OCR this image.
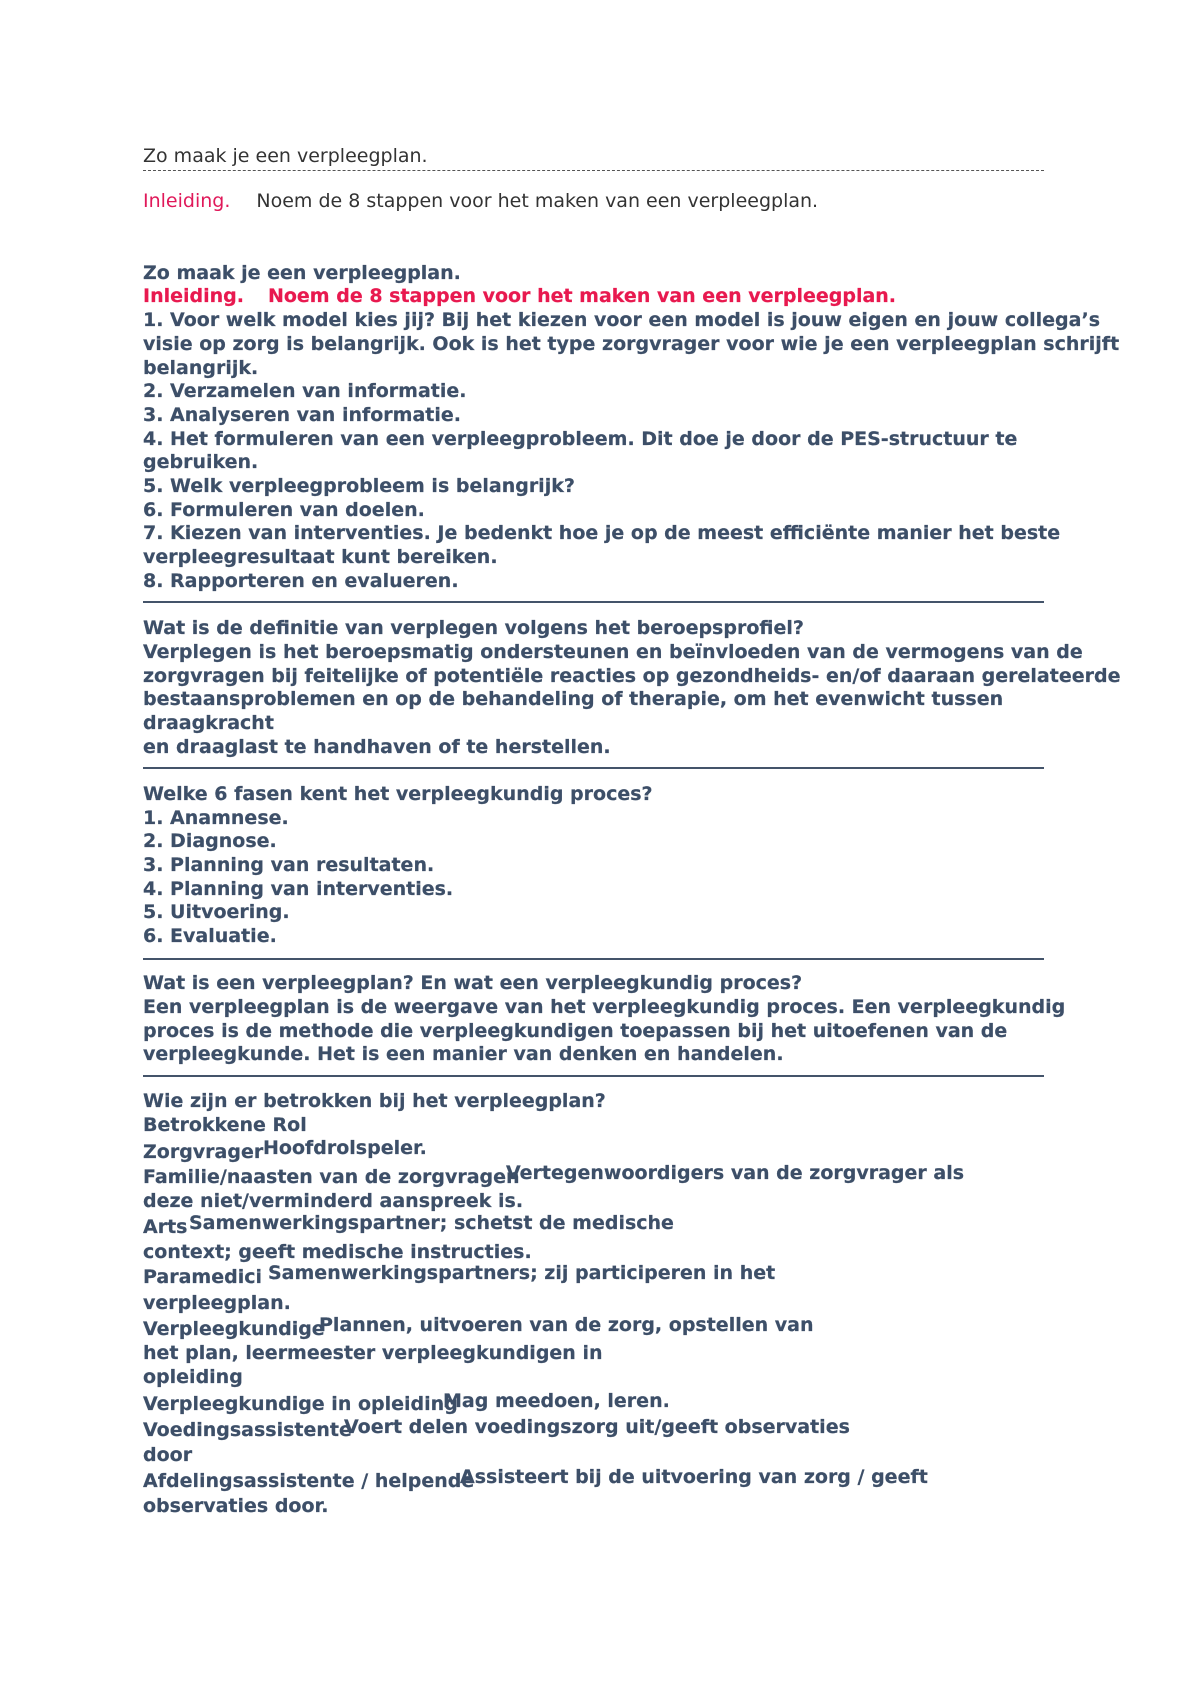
Zo maak je een verpleegplan.
Inleiding. Noem de 8 stappen voor het maken van een verpleegplan.
Zo maak je een verpleegplan.
Inleiding. Noem de 8 stappen voor het maken van een verpleegplan.
1. Voor welk model kies jij? Bij het kiezen voor een model is jouw eigen en jouw collega’s
visie op zorg is belangrijk. Ook is het type zorgvrager voor wie je een verpleegplan schrijft
belangrijk.
2. Verzamelen van informatie.
3. Analyseren van informatie.
4. Het formuleren van een verpleegprobleem. Dit doe je door de PES-structuur te
gebruiken.
5. Welk verpleegprobleem is belangrijk?
6. Formuleren van doelen.
7. Kiezen van interventies. Je bedenkt hoe je op de meest efficiënte manier het beste
verpleegresultaat kunt bereiken.
8. Rapporteren en evalueren.
Wat is de definitie van verplegen volgens het beroepsprofiel?
Verplegen is het beroepsmatig ondersteunen en beïnvloeden van de vermogens van de
zorgvragen bij feitelijke of potentiële reacties op gezondheids- en/of daaraan gerelateerde
bestaansproblemen en op de behandeling of therapie, om het evenwicht tussen
draagkracht
en draaglast te handhaven of te herstellen.
Welke 6 fasen kent het verpleegkundig proces?
1. Anamnese.
2. Diagnose.
3. Planning van resultaten.
4. Planning van interventies.
5. Uitvoering.
6. Evaluatie.
Wat is een verpleegplan? En wat een verpleegkundig proces?
Een verpleegplan is de weergave van het verpleegkundig proces. Een verpleegkundig
proces is de methode die verpleegkundigen toepassen bij het uitoefenen van de
verpleegkunde. Het is een manier van denken en handelen.
Wie zijn er betrokken bij het verpleegplan?
Betrokkene Rol
Zorgvrager Hoofdrolspeler.
Familie/naasten van de zorgvragen
Vertegenwoordigers van de zorgvrager als
deze niet/verminderd aanspreek is.
Arts Samenwerkingspartner; schetst de medische
context; geeft medische instructies.
Paramedici Samenwerkingspartners; zij participeren in het
verpleegplan.
Verpleegkundige
Plannen, uitvoeren van de zorg, opstellen van
het plan, leermeester verpleegkundigen in
opleiding
Verpleegkundige in opleiding
Mag meedoen, leren.
Voedingsassistente
Voert delen voedingszorg uit/geeft observaties
door
Afdelingsassistente / helpende
Assisteert bij de uitvoering van zorg / geeft
observaties door.
